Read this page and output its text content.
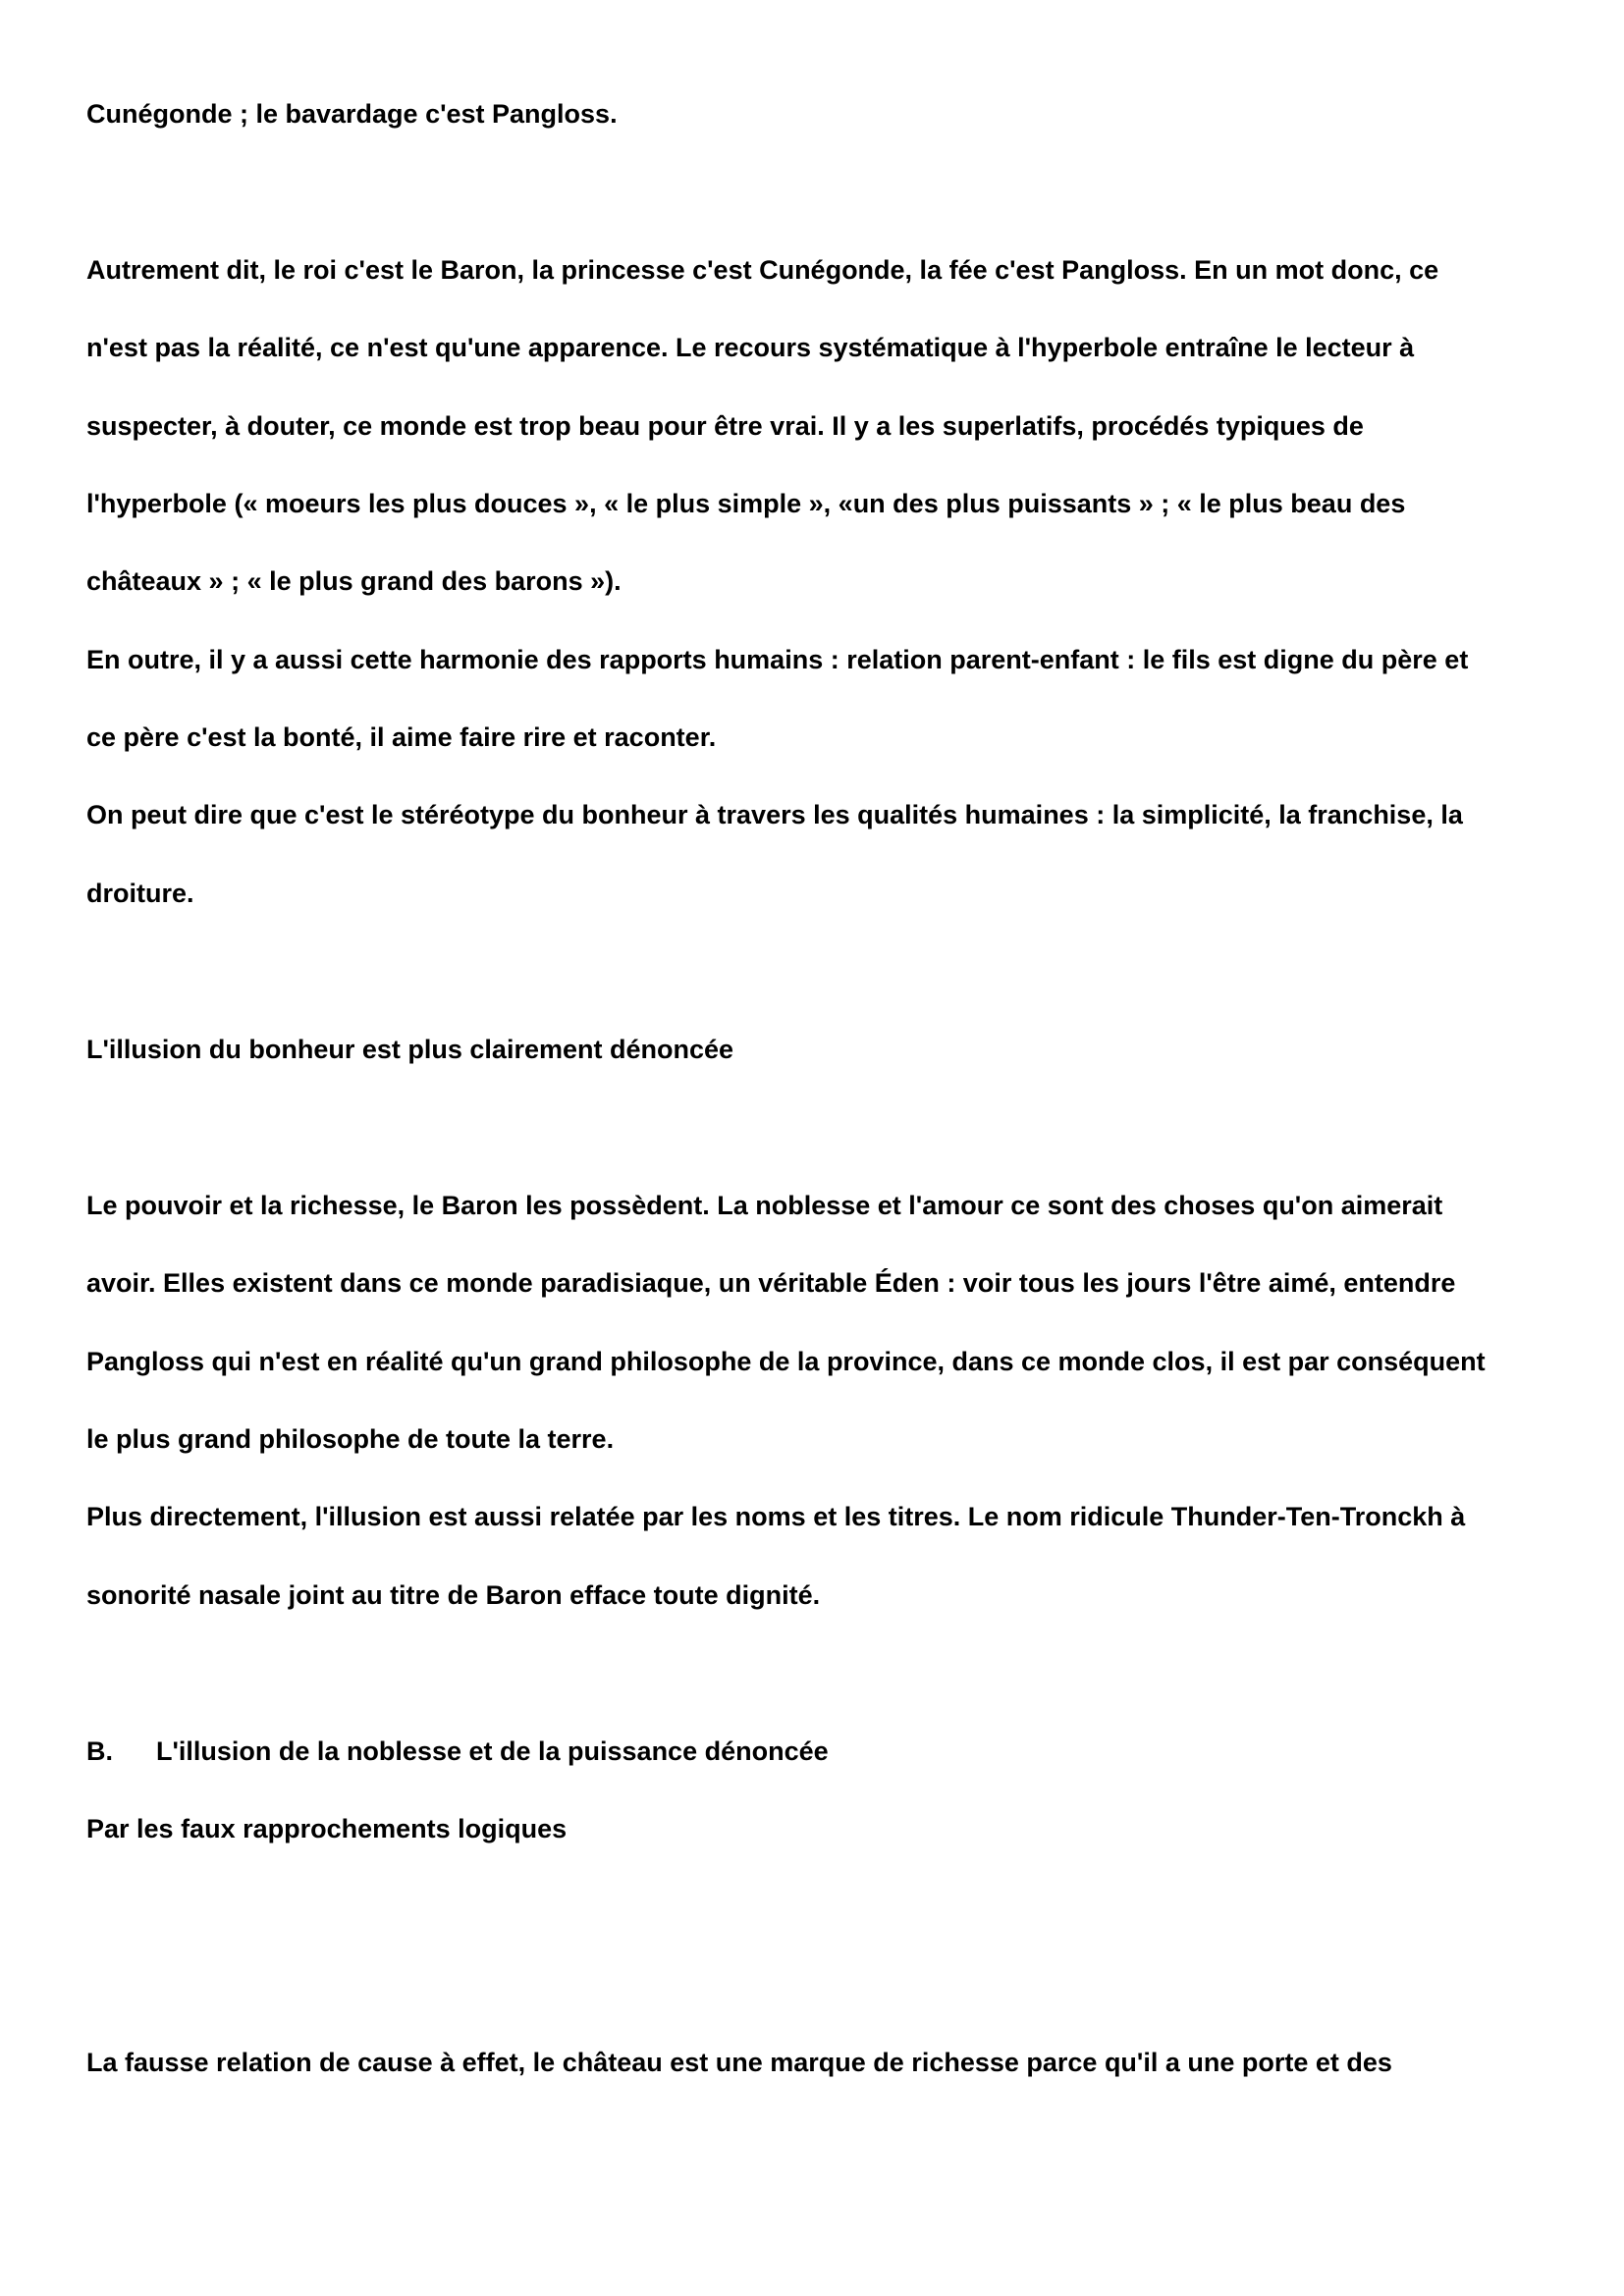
Cunégonde ; le bavardage c'est Pangloss.

Autrement dit, le roi c'est le Baron, la princesse c'est Cunégonde, la fée c'est Pangloss. En un mot donc, ce

n'est pas la réalité, ce n'est qu'une apparence. Le recours systématique à l'hyperbole entraîne le lecteur à

suspecter, à douter, ce monde est trop beau pour être vrai. Il y a les superlatifs, procédés typiques de

l'hyperbole (« moeurs les plus douces », « le plus simple », «un des plus puissants » ; « le plus beau des

châteaux » ; « le plus grand des barons »).

En outre, il y a aussi cette harmonie des rapports humains : relation parent-enfant : le fils est digne du père et

ce père c'est la bonté, il aime faire rire et raconter.

On peut dire que c'est le stéréotype du bonheur à travers les qualités humaines : la simplicité, la franchise, la

droiture.

L'illusion du bonheur est plus clairement dénoncée

Le pouvoir et la richesse, le Baron les possèdent. La noblesse et l'amour ce sont des choses qu'on aimerait

avoir. Elles existent dans ce monde paradisiaque, un véritable Éden : voir tous les jours l'être aimé, entendre

Pangloss qui n'est en réalité qu'un grand philosophe de la province, dans ce monde clos, il est par conséquent

le plus grand philosophe de toute la terre.

Plus directement, l'illusion est aussi relatée par les noms et les titres. Le nom ridicule Thunder-Ten-Tronckh à

sonorité nasale joint au titre de Baron efface toute dignité.

B. L'illusion de la noblesse et de la puissance dénoncée

Par les faux rapprochements logiques

La fausse relation de cause à effet, le château est une marque de richesse parce qu'il a une porte et des
